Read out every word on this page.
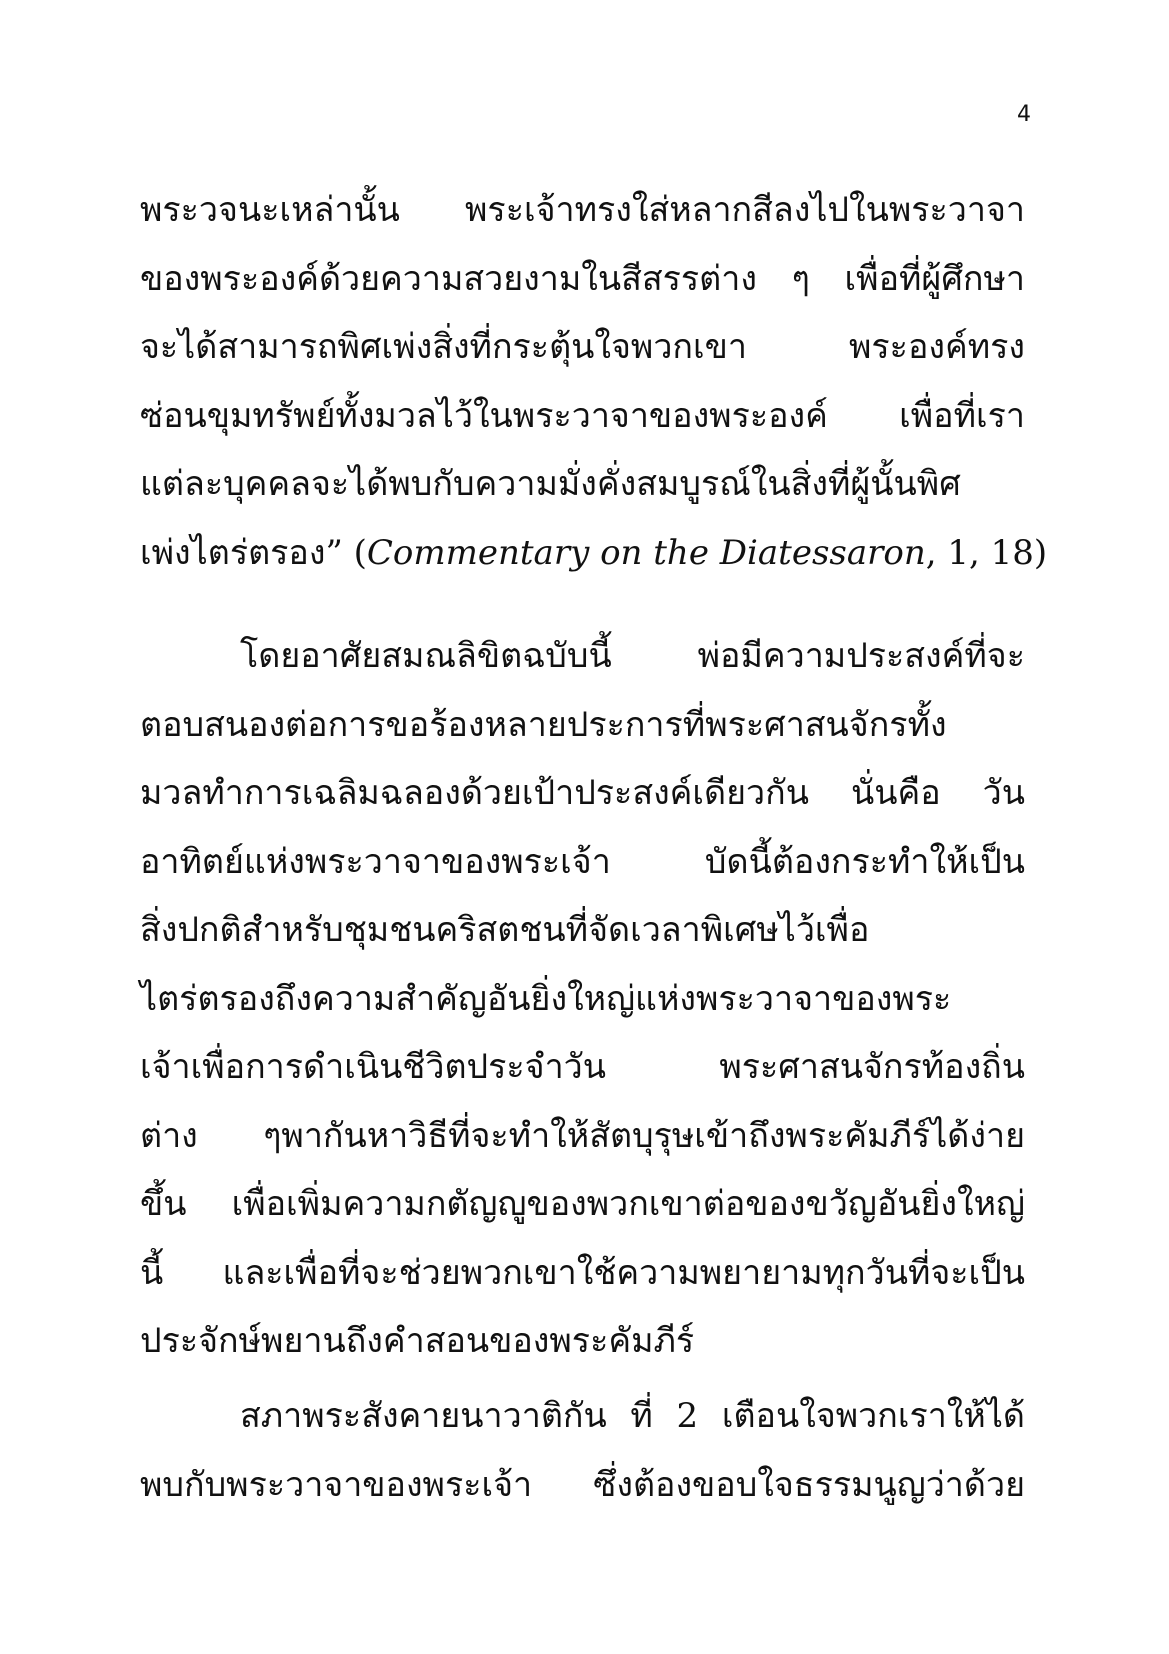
4
พระวจนะเหล่านั้น พระเจ้าทรงใส่หลากสีลงไปในพระวาจา
ของพระองค์ด้วยความสวยงามในสีสรรต่าง ๆ เพื่อที่ผู้ศึกษา
จะได้สามารถพิศเพ่งสิ่งที่กระตุ้นใจพวกเขา พระองค์ทรง
ซ่อนขุมทรัพย์ทั้งมวลไว้ในพระวาจาของพระองค์ เพื่อที่เรา
แต่ละบุคคลจะได้พบกับความมั่งคั่งสมบูรณ์ในสิ่งที่ผู้นั้นพิศ
เพ่งไตร่ตรอง” (Commentary on the Diatessaron, 1, 18)
โดยอาศัยสมณลิขิตฉบับนี้ พ่อมีความประสงค์ที่จะ
ตอบสนองต่อการขอร้องหลายประการที่พระศาสนจักรทั้ง
มวลทำการเฉลิมฉลองด้วยเป้าประสงค์เดียวกัน นั่นคือ วัน
อาทิตย์แห่งพระวาจาของพระเจ้า บัดนี้ต้องกระทำให้เป็น
สิ่งปกติสำหรับชุมชนคริสตชนที่จัดเวลาพิเศษไว้เพื่อ
ไตร่ตรองถึงความสำคัญอันยิ่งใหญ่แห่งพระวาจาของพระ
เจ้าเพื่อการดำเนินชีวิตประจำวัน พระศาสนจักรท้องถิ่น
ต่าง ๆพากันหาวิธีที่จะทำให้สัตบุรุษเข้าถึงพระคัมภีร์ได้ง่าย
ขึ้น เพื่อเพิ่มความกตัญญูของพวกเขาต่อของขวัญอันยิ่งใหญ่
นี้ และเพื่อที่จะช่วยพวกเขาใช้ความพยายามทุกวันที่จะเป็น
ประจักษ์พยานถึงคำสอนของพระคัมภีร์
สภาพระสังคายนาวาติกัน ที่ 2 เตือนใจพวกเราให้ได้
พบกับพระวาจาของพระเจ้า ซึ่งต้องขอบใจธรรมนูญว่าด้วย
